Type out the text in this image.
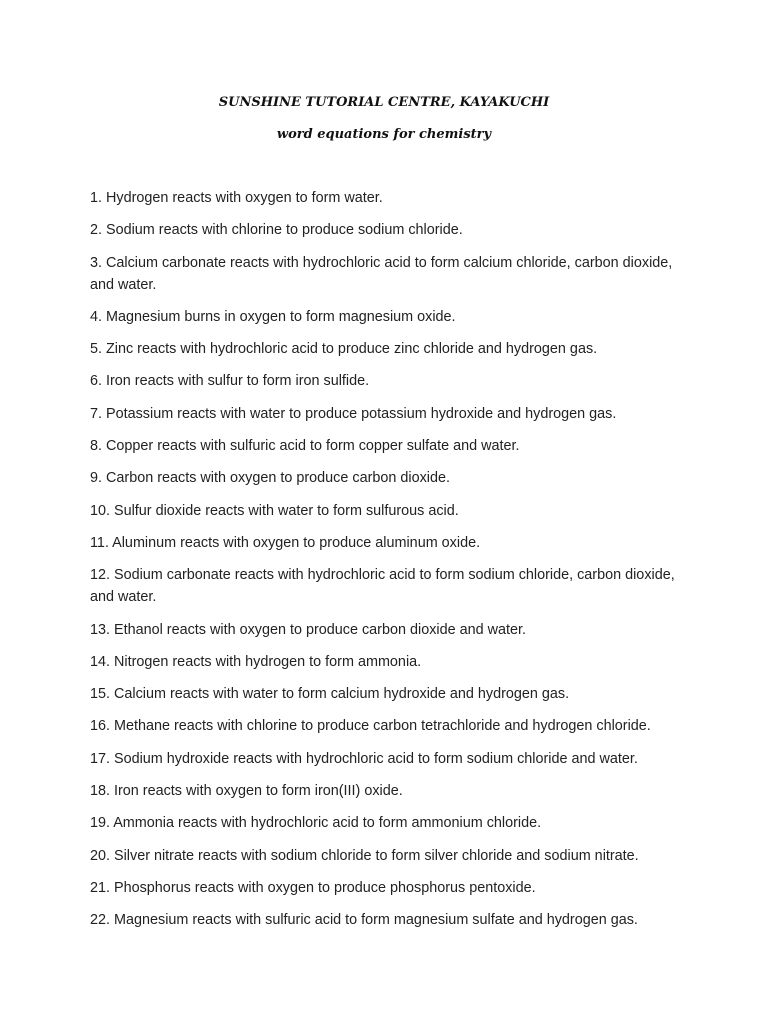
SUNSHINE TUTORIAL CENTRE, KAYAKUCHI
word equations for chemistry
1. Hydrogen reacts with oxygen to form water.
2. Sodium reacts with chlorine to produce sodium chloride.
3. Calcium carbonate reacts with hydrochloric acid to form calcium chloride, carbon dioxide, and water.
4. Magnesium burns in oxygen to form magnesium oxide.
5. Zinc reacts with hydrochloric acid to produce zinc chloride and hydrogen gas.
6. Iron reacts with sulfur to form iron sulfide.
7. Potassium reacts with water to produce potassium hydroxide and hydrogen gas.
8. Copper reacts with sulfuric acid to form copper sulfate and water.
9. Carbon reacts with oxygen to produce carbon dioxide.
10. Sulfur dioxide reacts with water to form sulfurous acid.
11. Aluminum reacts with oxygen to produce aluminum oxide.
12. Sodium carbonate reacts with hydrochloric acid to form sodium chloride, carbon dioxide, and water.
13. Ethanol reacts with oxygen to produce carbon dioxide and water.
14. Nitrogen reacts with hydrogen to form ammonia.
15. Calcium reacts with water to form calcium hydroxide and hydrogen gas.
16. Methane reacts with chlorine to produce carbon tetrachloride and hydrogen chloride.
17. Sodium hydroxide reacts with hydrochloric acid to form sodium chloride and water.
18. Iron reacts with oxygen to form iron(III) oxide.
19. Ammonia reacts with hydrochloric acid to form ammonium chloride.
20. Silver nitrate reacts with sodium chloride to form silver chloride and sodium nitrate.
21. Phosphorus reacts with oxygen to produce phosphorus pentoxide.
22. Magnesium reacts with sulfuric acid to form magnesium sulfate and hydrogen gas.
